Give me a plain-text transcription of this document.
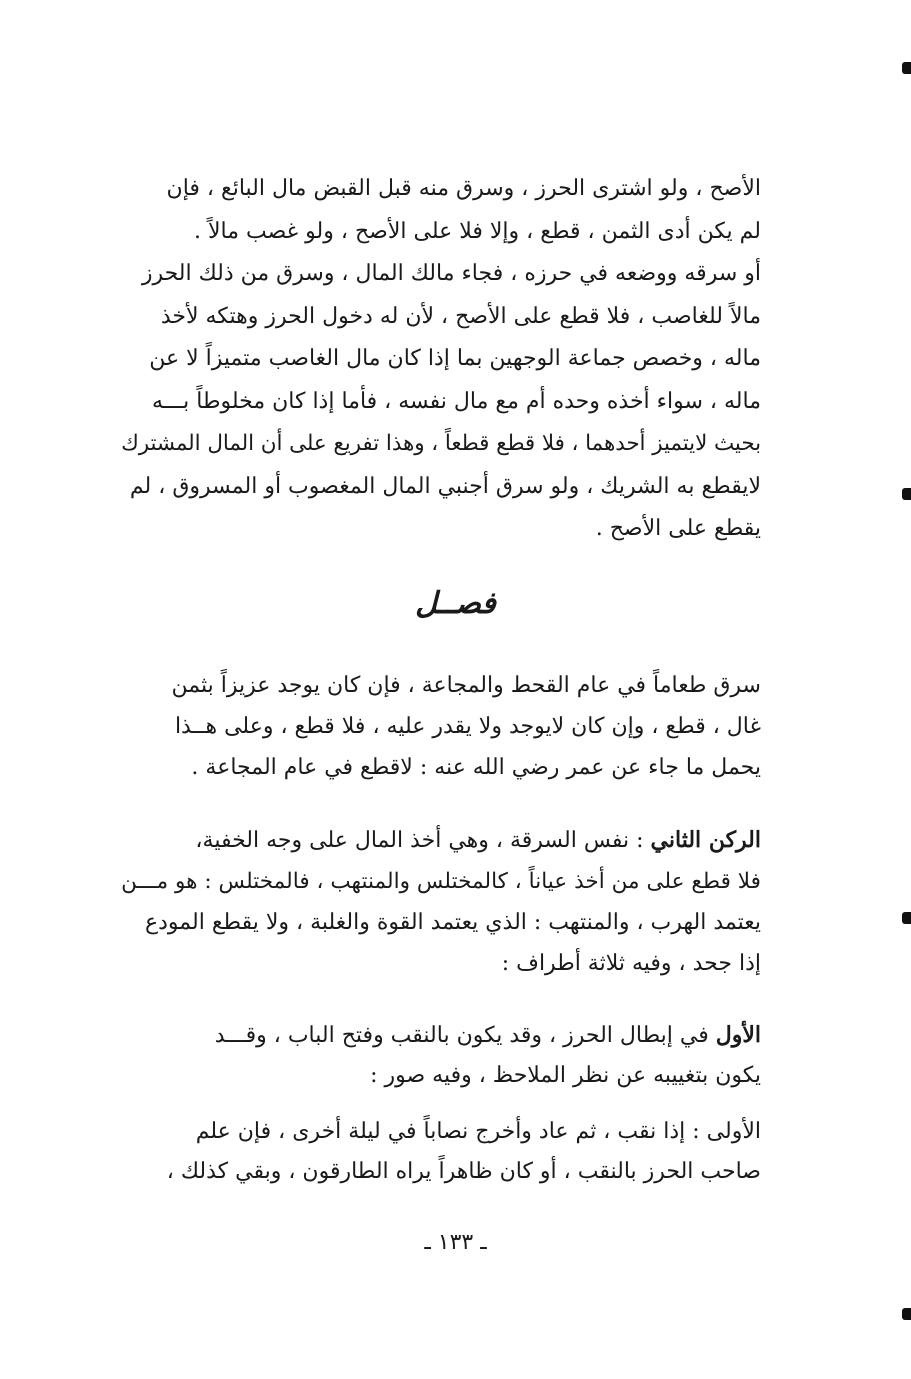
الأصح ، ولو اشترى الحرز ، وسرق منه قبل القبض مال البائع ، فإن
لم يكن أدى الثمن ، قطع ، وإلا فلا على الأصح ، ولو غصب مالاً .
أو سرقه ووضعه في حرزه ، فجاء مالك المال ، وسرق من ذلك الحرز
مالاً للغاصب ، فلا قطع على الأصح ، لأن له دخول الحرز وهتكه لأخذ
ماله ، وخصص جماعة الوجهين بما إذا كان مال الغاصب متميزاً لا عن
ماله ، سواء أخذه وحده أم مع مال نفسه ، فأما إذا كان مخلوطاً بـــه
بحيث لايتميز أحدهما ، فلا قطع قطعاً ، وهذا تفريع على أن المال المشترك
لايقطع به الشريك ، ولو سرق أجنبي المال المغصوب أو المسروق ، لم
يقطع على الأصح .
فصــل
سرق طعاماً في عام القحط والمجاعة ، فإن كان يوجد عزيزاً بثمن
غال ، قطع ، وإن كان لايوجد ولا يقدر عليه ، فلا قطع ، وعلى هــذا
يحمل ما جاء عن عمر رضي الله عنه : لاقطع في عام المجاعة .
الركن الثاني : نفس السرقة ، وهي أخذ المال على وجه الخفية،
فلا قطع على من أخذ عياناً ، كالمختلس والمنتهب ، فالمختلس : هو مـــن
يعتمد الهرب ، والمنتهب : الذي يعتمد القوة والغلبة ، ولا يقطع المودع
إذا جحد ، وفيه ثلاثة أطراف :
الأول في إبطال الحرز ، وقد يكون بالنقب وفتح الباب ، وقـــد
يكون بتغييبه عن نظر الملاحظ ، وفيه صور :
الأولى : إذا نقب ، ثم عاد وأخرج نصاباً في ليلة أخرى ، فإن علم
صاحب الحرز بالنقب ، أو كان ظاهراً يراه الطارقون ، وبقي كذلك ،
ـ ١٣٣ ـ
